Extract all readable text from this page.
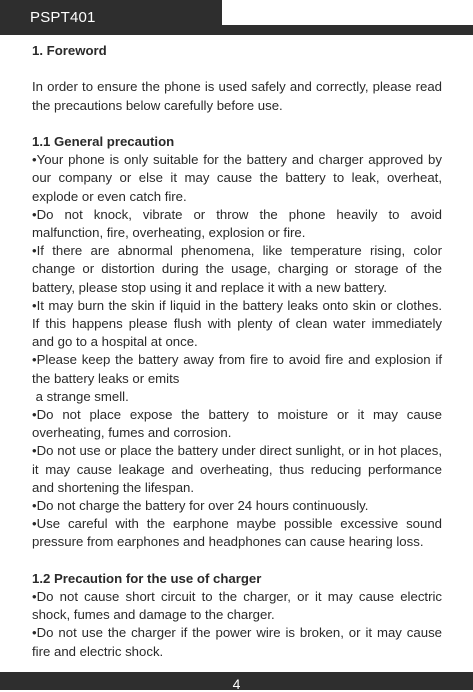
PSPT401

1. Foreword

In order to ensure the phone is used safely and correctly, please read the precautions below carefully before use.

1.1 General precaution

•Your phone is only suitable for the battery and charger approved by our company or else it may cause the battery to leak, overheat, explode or even catch fire.

•Do not knock, vibrate or throw the phone heavily to avoid malfunction, fire, overheating, explosion or fire.

•If there are abnormal phenomena, like temperature rising, color change or distortion during the usage, charging or storage of the battery, please stop using it and replace it with a new battery.

•It may burn the skin if liquid in the battery leaks onto skin or clothes. If this happens please flush with plenty of clean water immediately and go to a hospital at once.

•Please keep the battery away from fire to avoid fire and explosion if the battery leaks or emits

a strange smell.

•Do not place expose the battery to moisture or it may cause overheating, fumes and corrosion.

•Do not use or place the battery under direct sunlight, or in hot places, it may cause leakage and overheating, thus reducing performance and shortening the lifespan.

•Do not charge the battery for over 24 hours continuously.

•Use careful with the earphone maybe possible excessive sound pressure from earphones and headphones can cause hearing loss.

1.2 Precaution for the use of charger

•Do not cause short circuit to the charger, or it may cause electric shock, fumes and damage to the charger.

•Do not use the charger if the power wire is broken, or it may cause fire and electric shock.

4
